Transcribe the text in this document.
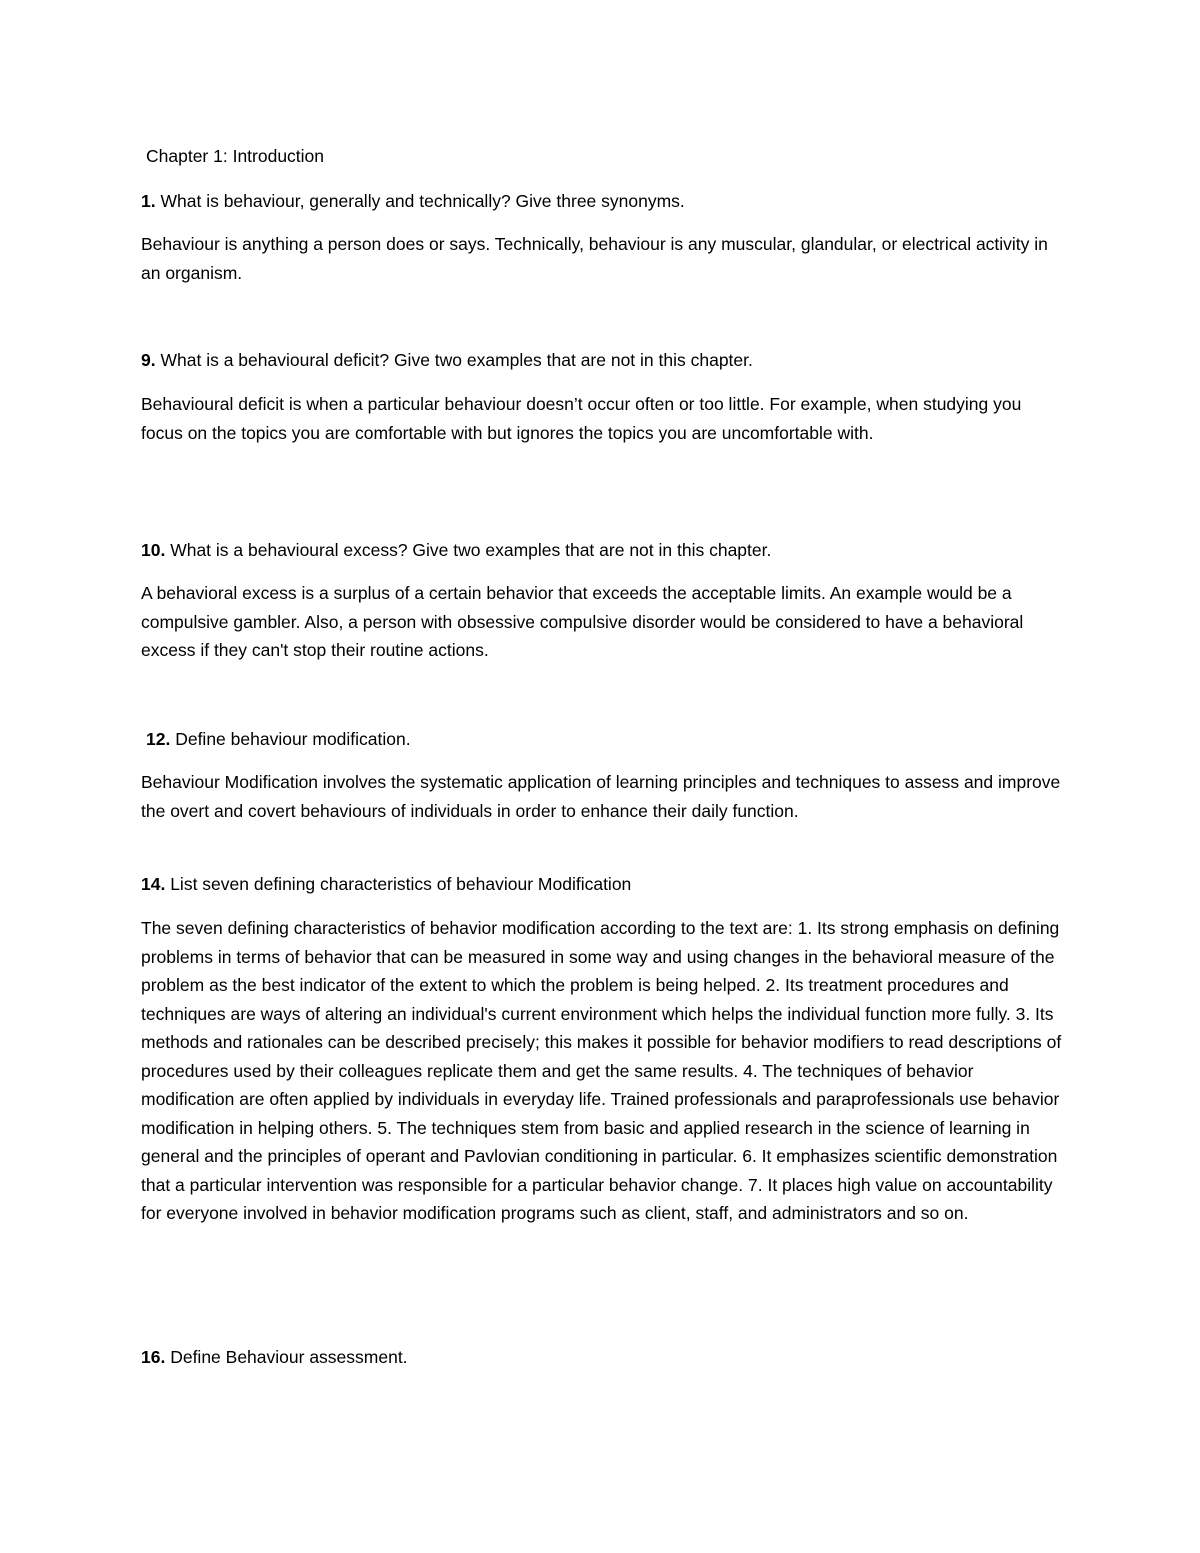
Chapter 1: Introduction

1. What is behaviour, generally and technically? Give three synonyms.

Behaviour is anything a person does or says. Technically, behaviour is any muscular, glandular, or electrical activity in an organism.

9. What is a behavioural deficit? Give two examples that are not in this chapter.

Behavioural deficit is when a particular behaviour doesn’t occur often or too little. For example, when studying you focus on the topics you are comfortable with but ignores the topics you are uncomfortable with.

10. What is a behavioural excess? Give two examples that are not in this chapter.

A behavioral excess is a surplus of a certain behavior that exceeds the acceptable limits. An example would be a compulsive gambler. Also, a person with obsessive compulsive disorder would be considered to have a behavioral excess if they can't stop their routine actions.

12. Define behaviour modification.

Behaviour Modification involves the systematic application of learning principles and techniques to assess and improve the overt and covert behaviours of individuals in order to enhance their daily function.

14. List seven defining characteristics of behaviour Modification

The seven defining characteristics of behavior modification according to the text are: 1. Its strong emphasis on defining problems in terms of behavior that can be measured in some way and using changes in the behavioral measure of the problem as the best indicator of the extent to which the problem is being helped. 2. Its treatment procedures and techniques are ways of altering an individual's current environment which helps the individual function more fully. 3. Its methods and rationales can be described precisely; this makes it possible for behavior modifiers to read descriptions of procedures used by their colleagues replicate them and get the same results. 4. The techniques of behavior modification are often applied by individuals in everyday life. Trained professionals and paraprofessionals use behavior modification in helping others. 5. The techniques stem from basic and applied research in the science of learning in general and the principles of operant and Pavlovian conditioning in particular. 6. It emphasizes scientific demonstration that a particular intervention was responsible for a particular behavior change. 7. It places high value on accountability for everyone involved in behavior modification programs such as client, staff, and administrators and so on.

16. Define Behaviour assessment.
